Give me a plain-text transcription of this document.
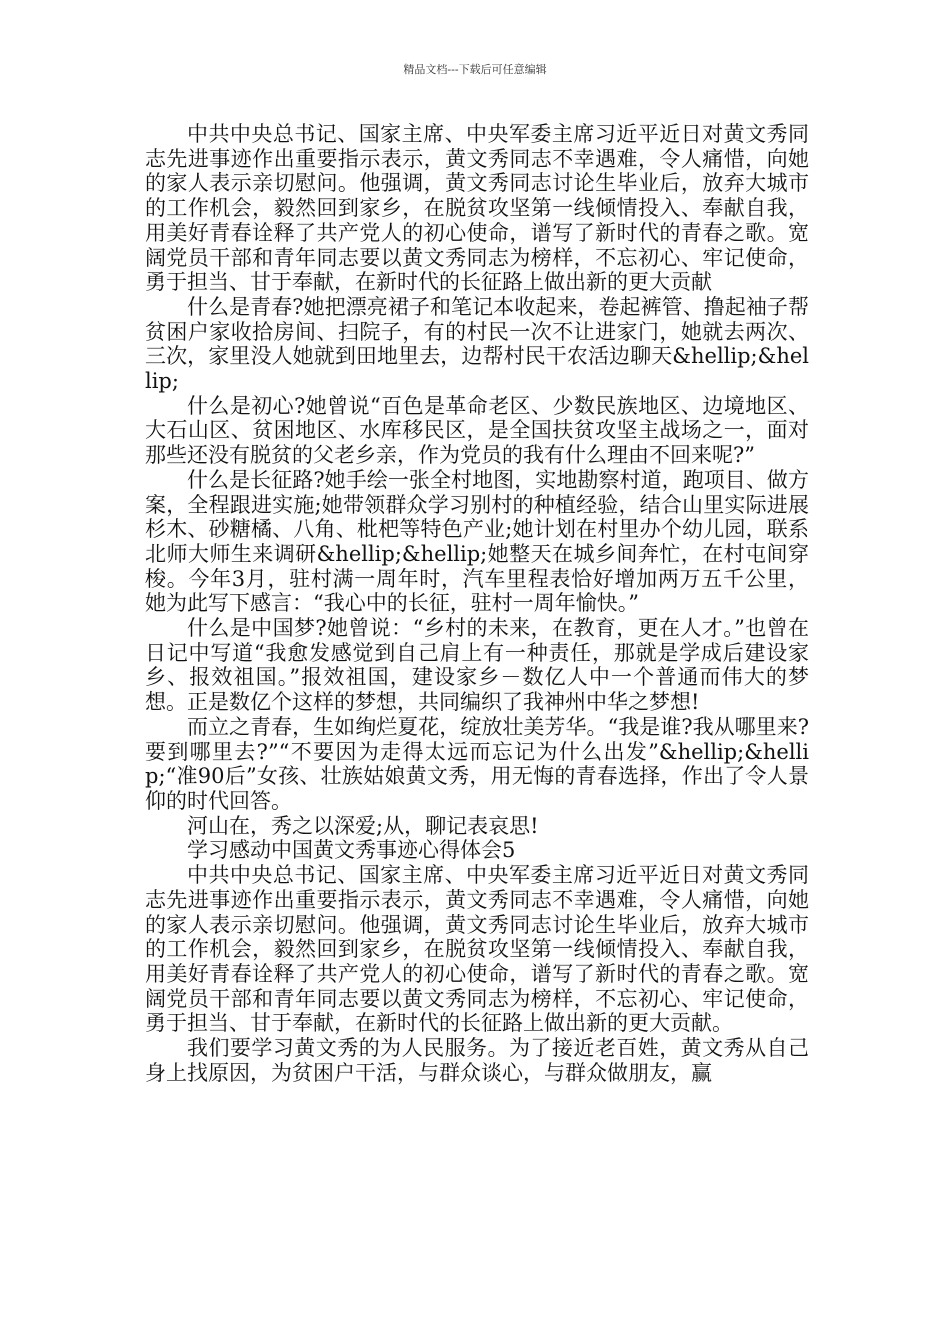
精品文档---下载后可任意编辑

中共中央总书记、国家主席、中央军委主席习近平近日对黄文秀同志先进事迹作出重要指示表示，黄文秀同志不幸遇难，令人痛惜，向她的家人表示亲切慰问。他强调，黄文秀同志讨论生毕业后，放弃大城市的工作机会，毅然回到家乡，在脱贫攻坚第一线倾情投入、奉献自我，用美好青春诠释了共产党人的初心使命，谱写了新时代的青春之歌。宽阔党员干部和青年同志要以黄文秀同志为榜样，不忘初心、牢记使命，勇于担当、甘于奉献，在新时代的长征路上做出新的更大贡献

什么是青春?她把漂亮裙子和笔记本收起来，卷起裤管、撸起袖子帮贫困户家收拾房间、扫院子，有的村民一次不让进家门，她就去两次、三次，家里没人她就到田地里去，边帮村民干农活边聊天&hellip;&hellip;

什么是初心?她曾说“百色是革命老区、少数民族地区、边境地区、大石山区、贫困地区、水库移民区，是全国扶贫攻坚主战场之一，面对那些还没有脱贫的父老乡亲，作为党员的我有什么理由不回来呢?”

什么是长征路?她手绘一张全村地图，实地勘察村道，跑项目、做方案，全程跟进实施;她带领群众学习别村的种植经验，结合山里实际进展杉木、砂糖橘、八角、枇杷等特色产业;她计划在村里办个幼儿园，联系北师大师生来调研&hellip;&hellip;她整天在城乡间奔忙，在村屯间穿梭。今年3月，驻村满一周年时，汽车里程表恰好增加两万五千公里，她为此写下感言：“我心中的长征，驻村一周年愉快。”

什么是中国梦?她曾说：“乡村的未来，在教育，更在人才。”也曾在日记中写道“我愈发感觉到自己肩上有一种责任，那就是学成后建设家乡、报效祖国。”报效祖国，建设家乡－数亿人中一个普通而伟大的梦想。正是数亿个这样的梦想，共同编织了我神州中华之梦想!

而立之青春，生如绚烂夏花，绽放壮美芳华。“我是谁?我从哪里来?要到哪里去?”“不要因为走得太远而忘记为什么出发”&hellip;&hellip;“准90后”女孩、壮族姑娘黄文秀，用无悔的青春选择，作出了令人景仰的时代回答。

河山在，秀之以深爱;从，聊记表哀思!

学习感动中国黄文秀事迹心得体会5

中共中央总书记、国家主席、中央军委主席习近平近日对黄文秀同志先进事迹作出重要指示表示，黄文秀同志不幸遇难，令人痛惜，向她的家人表示亲切慰问。他强调，黄文秀同志讨论生毕业后，放弃大城市的工作机会，毅然回到家乡，在脱贫攻坚第一线倾情投入、奉献自我，用美好青春诠释了共产党人的初心使命，谱写了新时代的青春之歌。宽阔党员干部和青年同志要以黄文秀同志为榜样，不忘初心、牢记使命，勇于担当、甘于奉献，在新时代的长征路上做出新的更大贡献。

我们要学习黄文秀的为人民服务。为了接近老百姓，黄文秀从自己身上找原因，为贫困户干活，与群众谈心，与群众做朋友，赢
